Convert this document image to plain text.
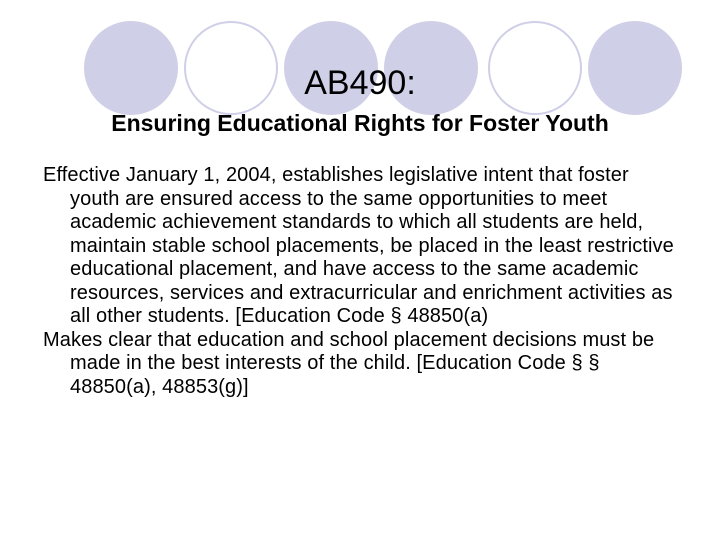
AB490:
Ensuring Educational Rights for Foster Youth

Effective January 1, 2004, establishes legislative intent that foster youth are ensured access to the same opportunities to meet academic achievement standards to which all students are held, maintain stable school placements, be placed in the least restrictive educational placement, and have access to the same academic resources, services and extracurricular and enrichment activities as all other students. [Education Code § 48850(a)

Makes clear that education and school placement decisions must be made in the best interests of the child. [Education Code § § 48850(a), 48853(g)]
